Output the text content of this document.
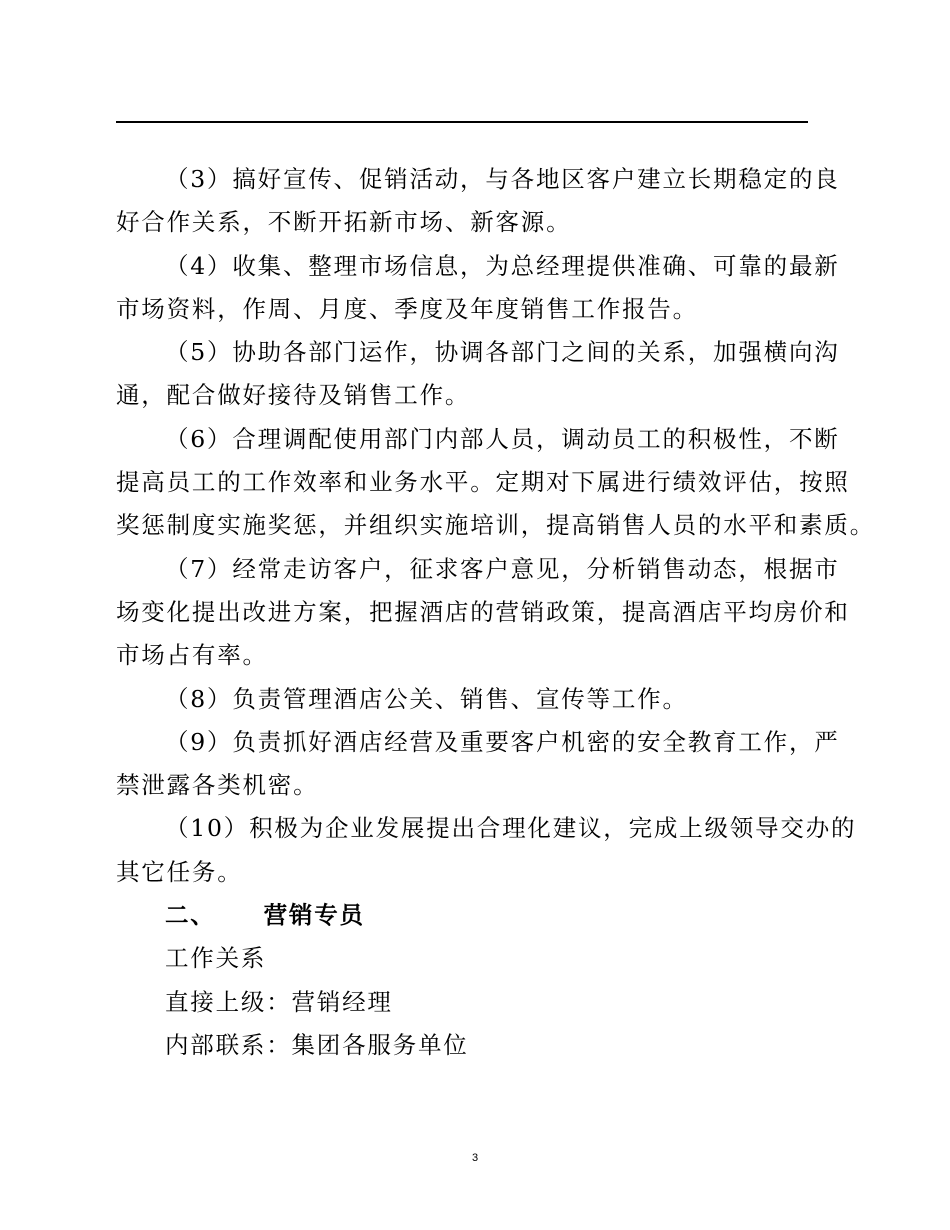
（3）搞好宣传、促销活动，与各地区客户建立长期稳定的良
好合作关系，不断开拓新市场、新客源。
（4）收集、整理市场信息，为总经理提供准确、可靠的最新
市场资料，作周、月度、季度及年度销售工作报告。
（5）协助各部门运作，协调各部门之间的关系，加强横向沟
通，配合做好接待及销售工作。
（6）合理调配使用部门内部人员，调动员工的积极性，不断
提高员工的工作效率和业务水平。定期对下属进行绩效评估，按照
奖惩制度实施奖惩，并组织实施培训，提高销售人员的水平和素质。
（7）经常走访客户，征求客户意见，分析销售动态，根据市
场变化提出改进方案，把握酒店的营销政策，提高酒店平均房价和
市场占有率。
（8）负责管理酒店公关、销售、宣传等工作。
（9）负责抓好酒店经营及重要客户机密的安全教育工作，严
禁泄露各类机密。
（10）积极为企业发展提出合理化建议，完成上级领导交办的
其它任务。
二、 营销专员
工作关系
直接上级：营销经理
内部联系：集团各服务单位
3
